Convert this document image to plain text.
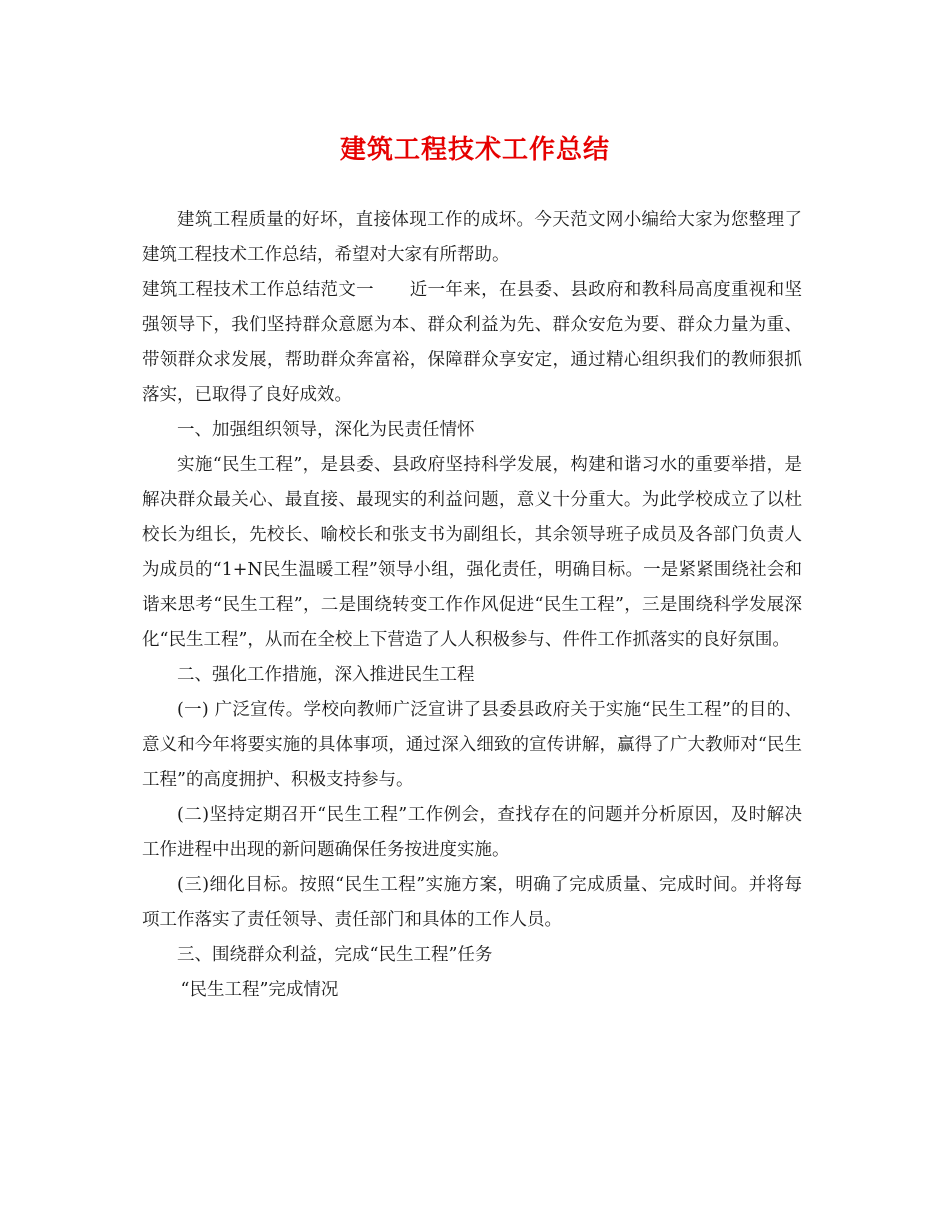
建筑工程技术工作总结

建筑工程质量的好坏，直接体现工作的成坏。今天范文网小编给大家为您整理了建筑工程技术工作总结，希望对大家有所帮助。

建筑工程技术工作总结范文一　　近一年来，在县委、县政府和教科局高度重视和坚强领导下，我们坚持群众意愿为本、群众利益为先、群众安危为要、群众力量为重、带领群众求发展，帮助群众奔富裕，保障群众享安定，通过精心组织我们的教师狠抓落实，已取得了良好成效。

一、加强组织领导，深化为民责任情怀

实施“民生工程”，是县委、县政府坚持科学发展，构建和谐习水的重要举措，是解决群众最关心、最直接、最现实的利益问题，意义十分重大。为此学校成立了以杜校长为组长，先校长、喻校长和张支书为副组长，其余领导班子成员及各部门负责人为成员的“1+N民生温暖工程”领导小组，强化责任，明确目标。一是紧紧围绕社会和谐来思考“民生工程”，二是围绕转变工作作风促进“民生工程”，三是围绕科学发展深化“民生工程”，从而在全校上下营造了人人积极参与、件件工作抓落实的良好氛围。

二、强化工作措施，深入推进民生工程

(一) 广泛宣传。学校向教师广泛宣讲了县委县政府关于实施“民生工程”的目的、意义和今年将要实施的具体事项，通过深入细致的宣传讲解，赢得了广大教师对“民生工程”的高度拥护、积极支持参与。

(二)坚持定期召开“民生工程”工作例会，查找存在的问题并分析原因，及时解决工作进程中出现的新问题确保任务按进度实施。

(三)细化目标。按照“民生工程”实施方案，明确了完成质量、完成时间。并将每项工作落实了责任领导、责任部门和具体的工作人员。

三、围绕群众利益，完成“民生工程”任务

“民生工程”完成情况
